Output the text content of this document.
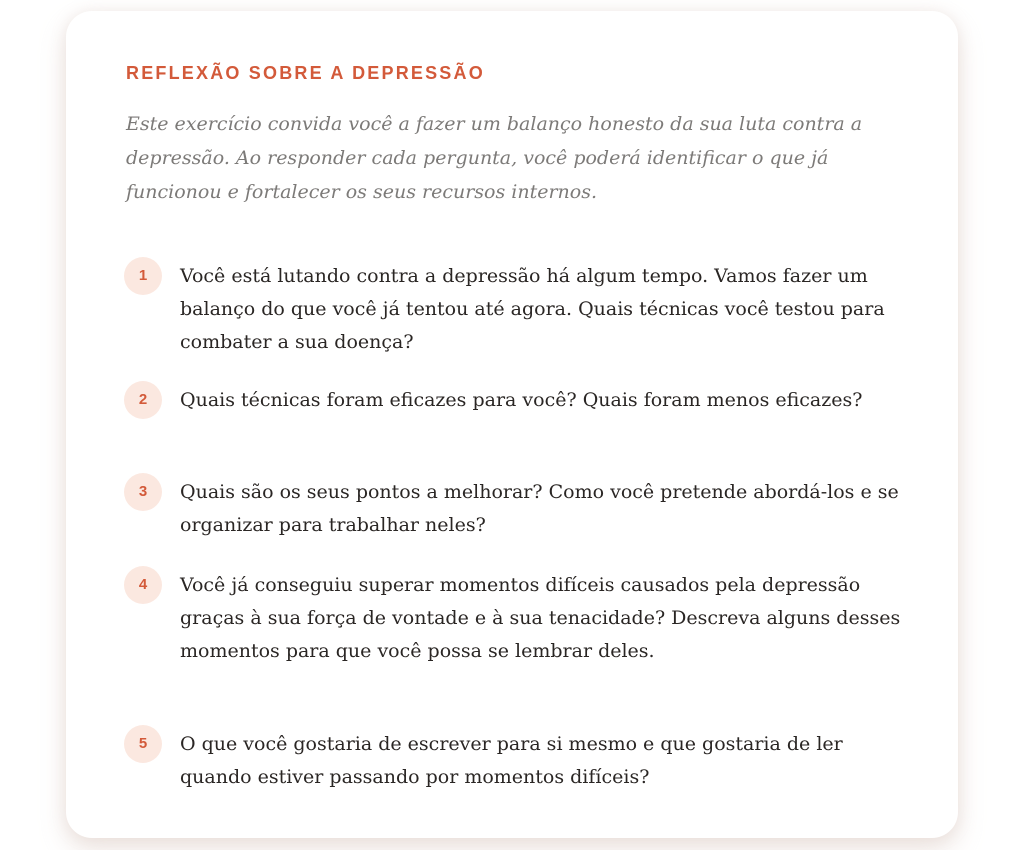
REFLEXÃO SOBRE A DEPRESSÃO

Este exercício convida você a fazer um balanço honesto da sua luta contra a depressão. Ao responder cada pergunta, você poderá identificar o que já funcionou e fortalecer os seus recursos internos.

1	Você está lutando contra a depressão há algum tempo. Vamos fazer um balanço do que você já tentou até agora. Quais técnicas você testou para combater a sua doença?

2	Quais técnicas foram eficazes para você? Quais foram menos eficazes?

3	Quais são os seus pontos a melhorar? Como você pretende abordá-los e se organizar para trabalhar neles?

4	Você já conseguiu superar momentos difíceis causados pela depressão graças à sua força de vontade e à sua tenacidade? Descreva alguns desses momentos para que você possa se lembrar deles.

5	O que você gostaria de escrever para si mesmo e que gostaria de ler quando estiver passando por momentos difíceis?
